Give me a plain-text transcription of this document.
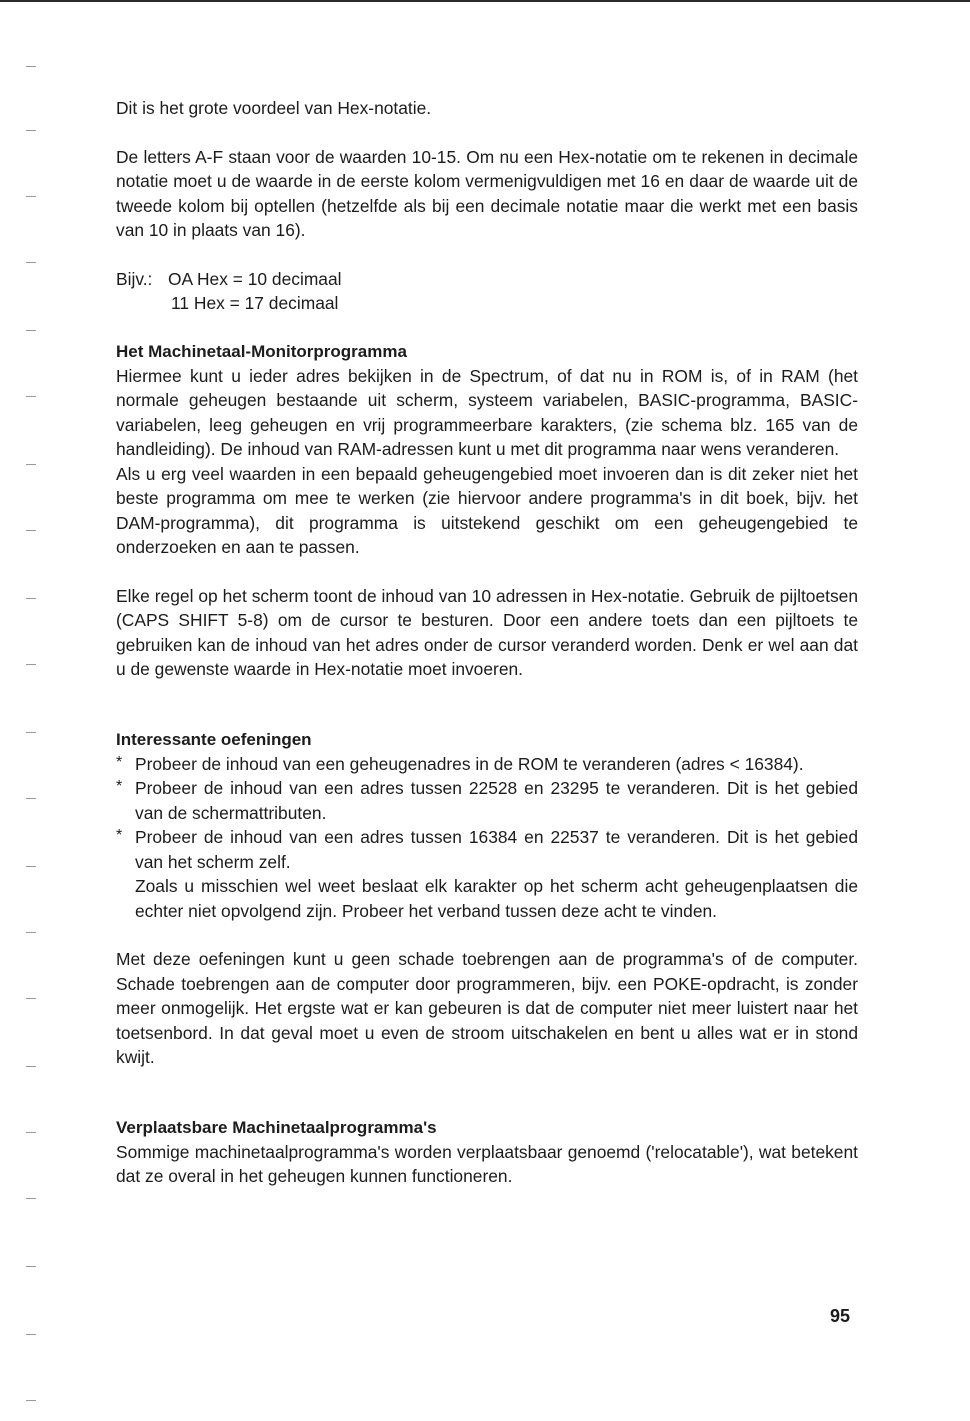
Dit is het grote voordeel van Hex-notatie.

De letters A-F staan voor de waarden 10-15. Om nu een Hex-notatie om te rekenen in decimale notatie moet u de waarde in de eerste kolom vermenigvuldigen met 16 en daar de waarde uit de tweede kolom bij optellen (hetzelfde als bij een decimale notatie maar die werkt met een basis van 10 in plaats van 16).

Bijv.: OA Hex = 10 decimaal
11 Hex = 17 decimaal
Het Machinetaal-Monitorprogramma

Hiermee kunt u ieder adres bekijken in de Spectrum, of dat nu in ROM is, of in RAM (het normale geheugen bestaande uit scherm, systeem variabelen, BASIC-programma, BASIC-variabelen, leeg geheugen en vrij programmeerbare karakters, (zie schema blz. 165 van de handleiding). De inhoud van RAM-adressen kunt u met dit programma naar wens veranderen.

Als u erg veel waarden in een bepaald geheugengebied moet invoeren dan is dit zeker niet het beste programma om mee te werken (zie hiervoor andere programma's in dit boek, bijv. het DAM-programma), dit programma is uitstekend geschikt om een geheugengebied te onderzoeken en aan te passen.

Elke regel op het scherm toont de inhoud van 10 adressen in Hex-notatie. Gebruik de pijltoetsen (CAPS SHIFT 5-8) om de cursor te besturen. Door een andere toets dan een pijltoets te gebruiken kan de inhoud van het adres onder de cursor veranderd worden. Denk er wel aan dat u de gewenste waarde in Hex-notatie moet invoeren.

Interessante oefeningen
* Probeer de inhoud van een geheugenadres in de ROM te veranderen (adres < 16384).
* Probeer de inhoud van een adres tussen 22528 en 23295 te veranderen. Dit is het gebied van de schermattributen.
* Probeer de inhoud van een adres tussen 16384 en 22537 te veranderen. Dit is het gebied van het scherm zelf.

Zoals u misschien wel weet beslaat elk karakter op het scherm acht geheugenplaatsen die echter niet opvolgend zijn. Probeer het verband tussen deze acht te vinden.

Met deze oefeningen kunt u geen schade toebrengen aan de programma's of de computer. Schade toebrengen aan de computer door programmeren, bijv. een POKE-opdracht, is zonder meer onmogelijk. Het ergste wat er kan gebeuren is dat de computer niet meer luistert naar het toetsenbord. In dat geval moet u even de stroom uitschakelen en bent u alles wat er in stond kwijt.

Verplaatsbare Machinetaalprogramma's

Sommige machinetaalprogramma's worden verplaatsbaar genoemd ('relocatable'), wat betekent dat ze overal in het geheugen kunnen functioneren.

95
